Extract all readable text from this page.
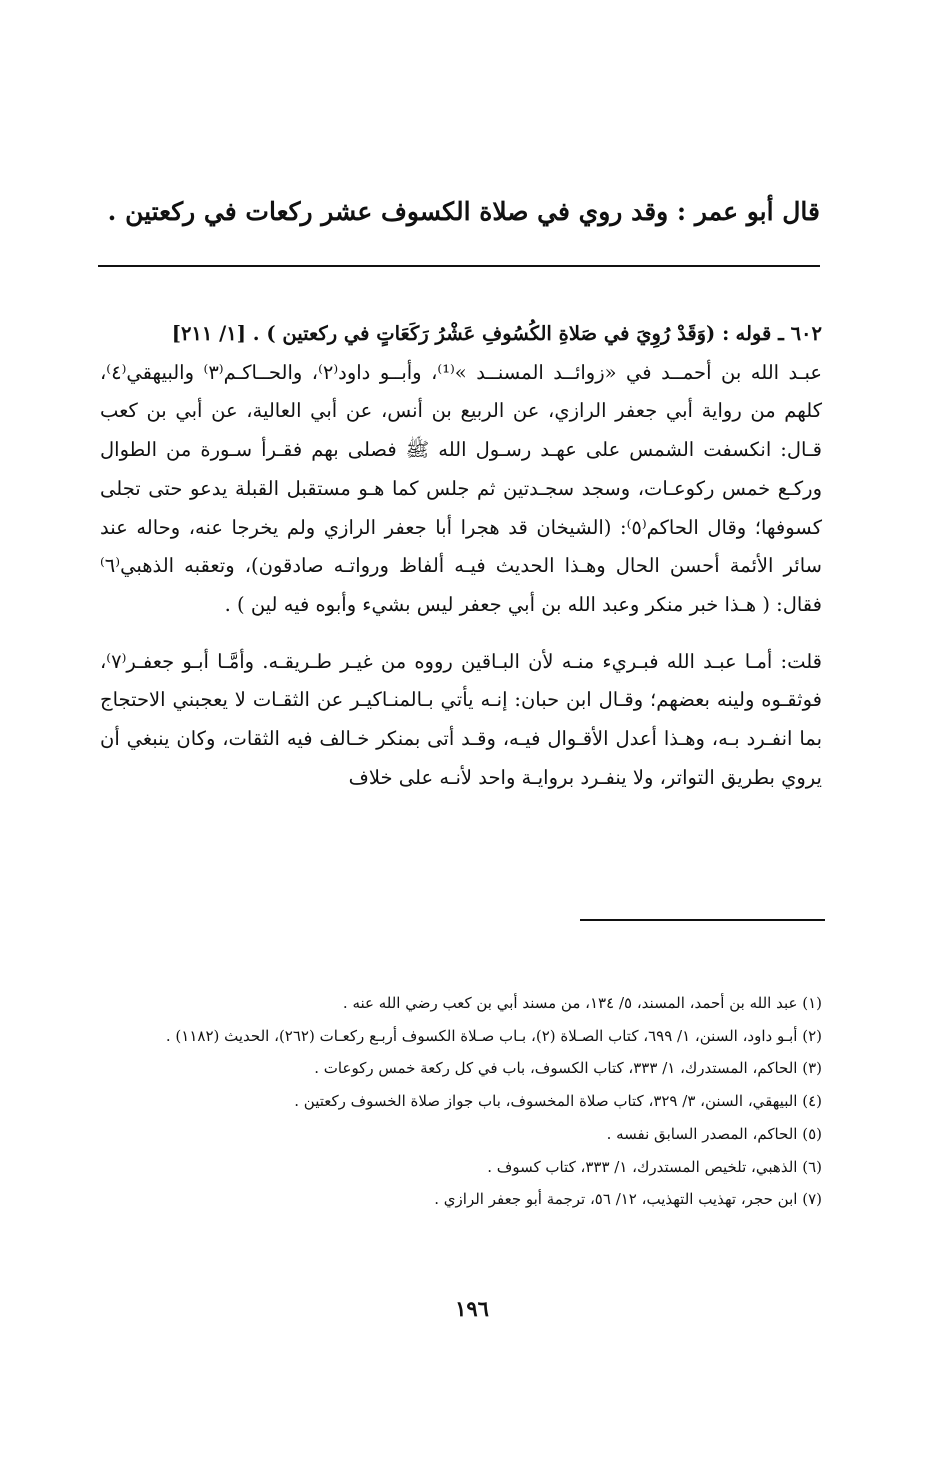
قال أبو عمر : وقد روي في صلاة الكسوف عشر ركعات في ركعتين .

٦٠٢ ـ قوله : (وَقَدْ رُوِيَ في صَلاةِ الكُسُوفِ عَشْرُ رَكَعَاتٍ في ركعتين ) . [١/ ٢١١]

عبـد الله بن أحمــد في «زوائــد المسنــد »⁽¹⁾، وأبــو داود⁽٢⁾، والحــاكـم⁽٣⁾ والبيهقي⁽٤⁾، كلهم من رواية أبي جعفر الرازي، عن الربيع بن أنس، عن أبي العالية، عن أبي بن كعب قـال: انكسفت الشمس على عهـد رسـول الله ﷺ فصلى بهم فقـرأ سـورة من الطوال وركـع خمس ركوعـات، وسجد سجـدتين ثم جلس كما هـو مستقبل القبلة يدعو حتى تجلى كسوفها؛ وقال الحاكم⁽٥⁾: (الشيخان قد هجرا أبا جعفر الرازي ولم يخرجا عنه، وحاله عند سائر الأئمة أحسن الحال وهـذا الحديث فيـه ألفاظ ورواتـه صادقون)، وتعقبه الذهبي⁽٦⁾ فقال: ( هـذا خبر منكر وعبد الله بن أبي جعفر ليس بشيء وأبوه فيه لين ) .

قلت: أمـا عبـد الله فبـريء منـه لأن البـاقين رووه من غيـر طـريقـه. وأمَّـا أبـو جعفـر⁽٧⁾، فوثقـوه ولينه بعضهم؛ وقـال ابن حبان: إنـه يأتي بـالمنـاكيـر عن الثقـات لا يعجبني الاحتجاج بما انفـرد بـه، وهـذا أعدل الأقـوال فيـه، وقـد أتى بمنكر خـالف فيه الثقات، وكان ينبغي أن يروي بطريق التواتر، ولا ينفـرد بروايـة واحد لأنـه على خلاف

(١) عبد الله بن أحمد، المسند، ٥/ ١٣٤، من مسند أبي بن كعب رضي الله عنه .

(٢) أبـو داود، السنن، ١/ ٦٩٩، كتاب الصـلاة (٢)، بـاب صـلاة الكسوف أربـع ركعـات (٢٦٢)، الحديث (١١٨٢) .

(٣) الحاكم، المستدرك، ١/ ٣٣٣، كتاب الكسوف، باب في كل ركعة خمس ركوعات .

(٤) البيهقي، السنن، ٣/ ٣٢٩، كتاب صلاة المخسوف، باب جواز صلاة الخسوف ركعتين .

(٥) الحاكم، المصدر السابق نفسه .

(٦) الذهبي، تلخيص المستدرك، ١/ ٣٣٣، كتاب كسوف .

(٧) ابن حجر، تهذيب التهذيب، ١٢/ ٥٦، ترجمة أبو جعفر الرازي .

١٩٦
